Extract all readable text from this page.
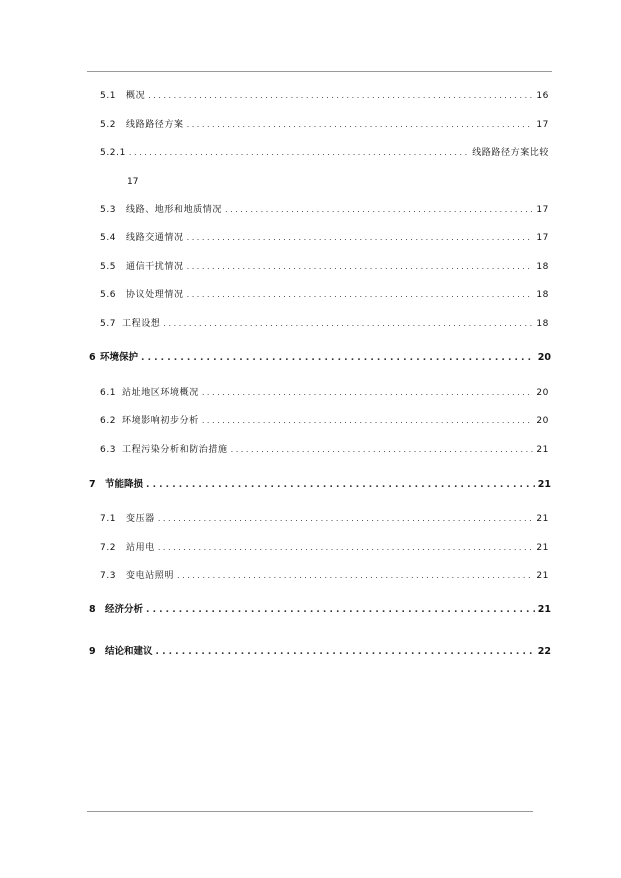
5.1	概况 . . .	16
5.2	线路路径方案 . . .	17
5.2.1 . . .	线路路径方案比较
17
5.3	线路、地形和地质情况 . . .	17
5.4	线路交通情况 . . .	17
5.5	通信干扰情况 . . .	18
5.6	协议处理情况 . . .	18
5.7 工程设想 . . .	18
6 环境保护 . . .	20
6.1 站址地区环境概况 . . .	20
6.2 环境影响初步分析 . . .	20
6.3 工程污染分析和防治措施 . . .	21
7 节能降损 . . .	21
7.1	变压器 . . .	21
7.2	站用电 . . .	21
7.3	变电站照明 . . .	21
8 经济分析 . . .	21
9 结论和建议 . . .	22
